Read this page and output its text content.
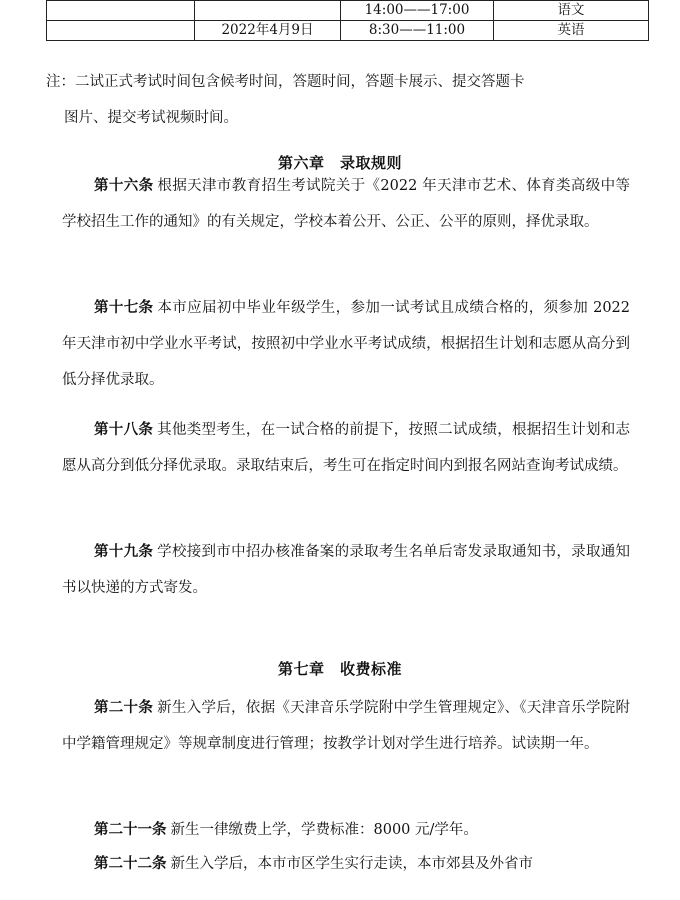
		14:00——17:00	语文
	2022年4月9日	8:30——11:00	英语
注：二试正式考试时间包含候考时间，答题时间，答题卡展示、提交答题卡
图片、提交考试视频时间。
第六章　录取规则

第十六条 根据天津市教育招生考试院关于《2022 年天津市艺术、体育类高级中等学校招生工作的通知》的有关规定，学校本着公开、公正、公平的原则，择优录取。

第十七条 本市应届初中毕业年级学生，参加一试考试且成绩合格的，须参加 2022 年天津市初中学业水平考试，按照初中学业水平考试成绩，根据招生计划和志愿从高分到低分择优录取。

第十八条 其他类型考生，在一试合格的前提下，按照二试成绩，根据招生计划和志愿从高分到低分择优录取。录取结束后，考生可在指定时间内到报名网站查询考试成绩。

第十九条 学校接到市中招办核准备案的录取考生名单后寄发录取通知书，录取通知书以快递的方式寄发。

第七章　收费标准

第二十条 新生入学后，依据《天津音乐学院附中学生管理规定》、《天津音乐学院附中学籍管理规定》等规章制度进行管理；按教学计划对学生进行培养。试读期一年。

第二十一条 新生一律缴费上学，学费标准：8000 元/学年。

第二十二条 新生入学后，本市市区学生实行走读，本市郊县及外省市
